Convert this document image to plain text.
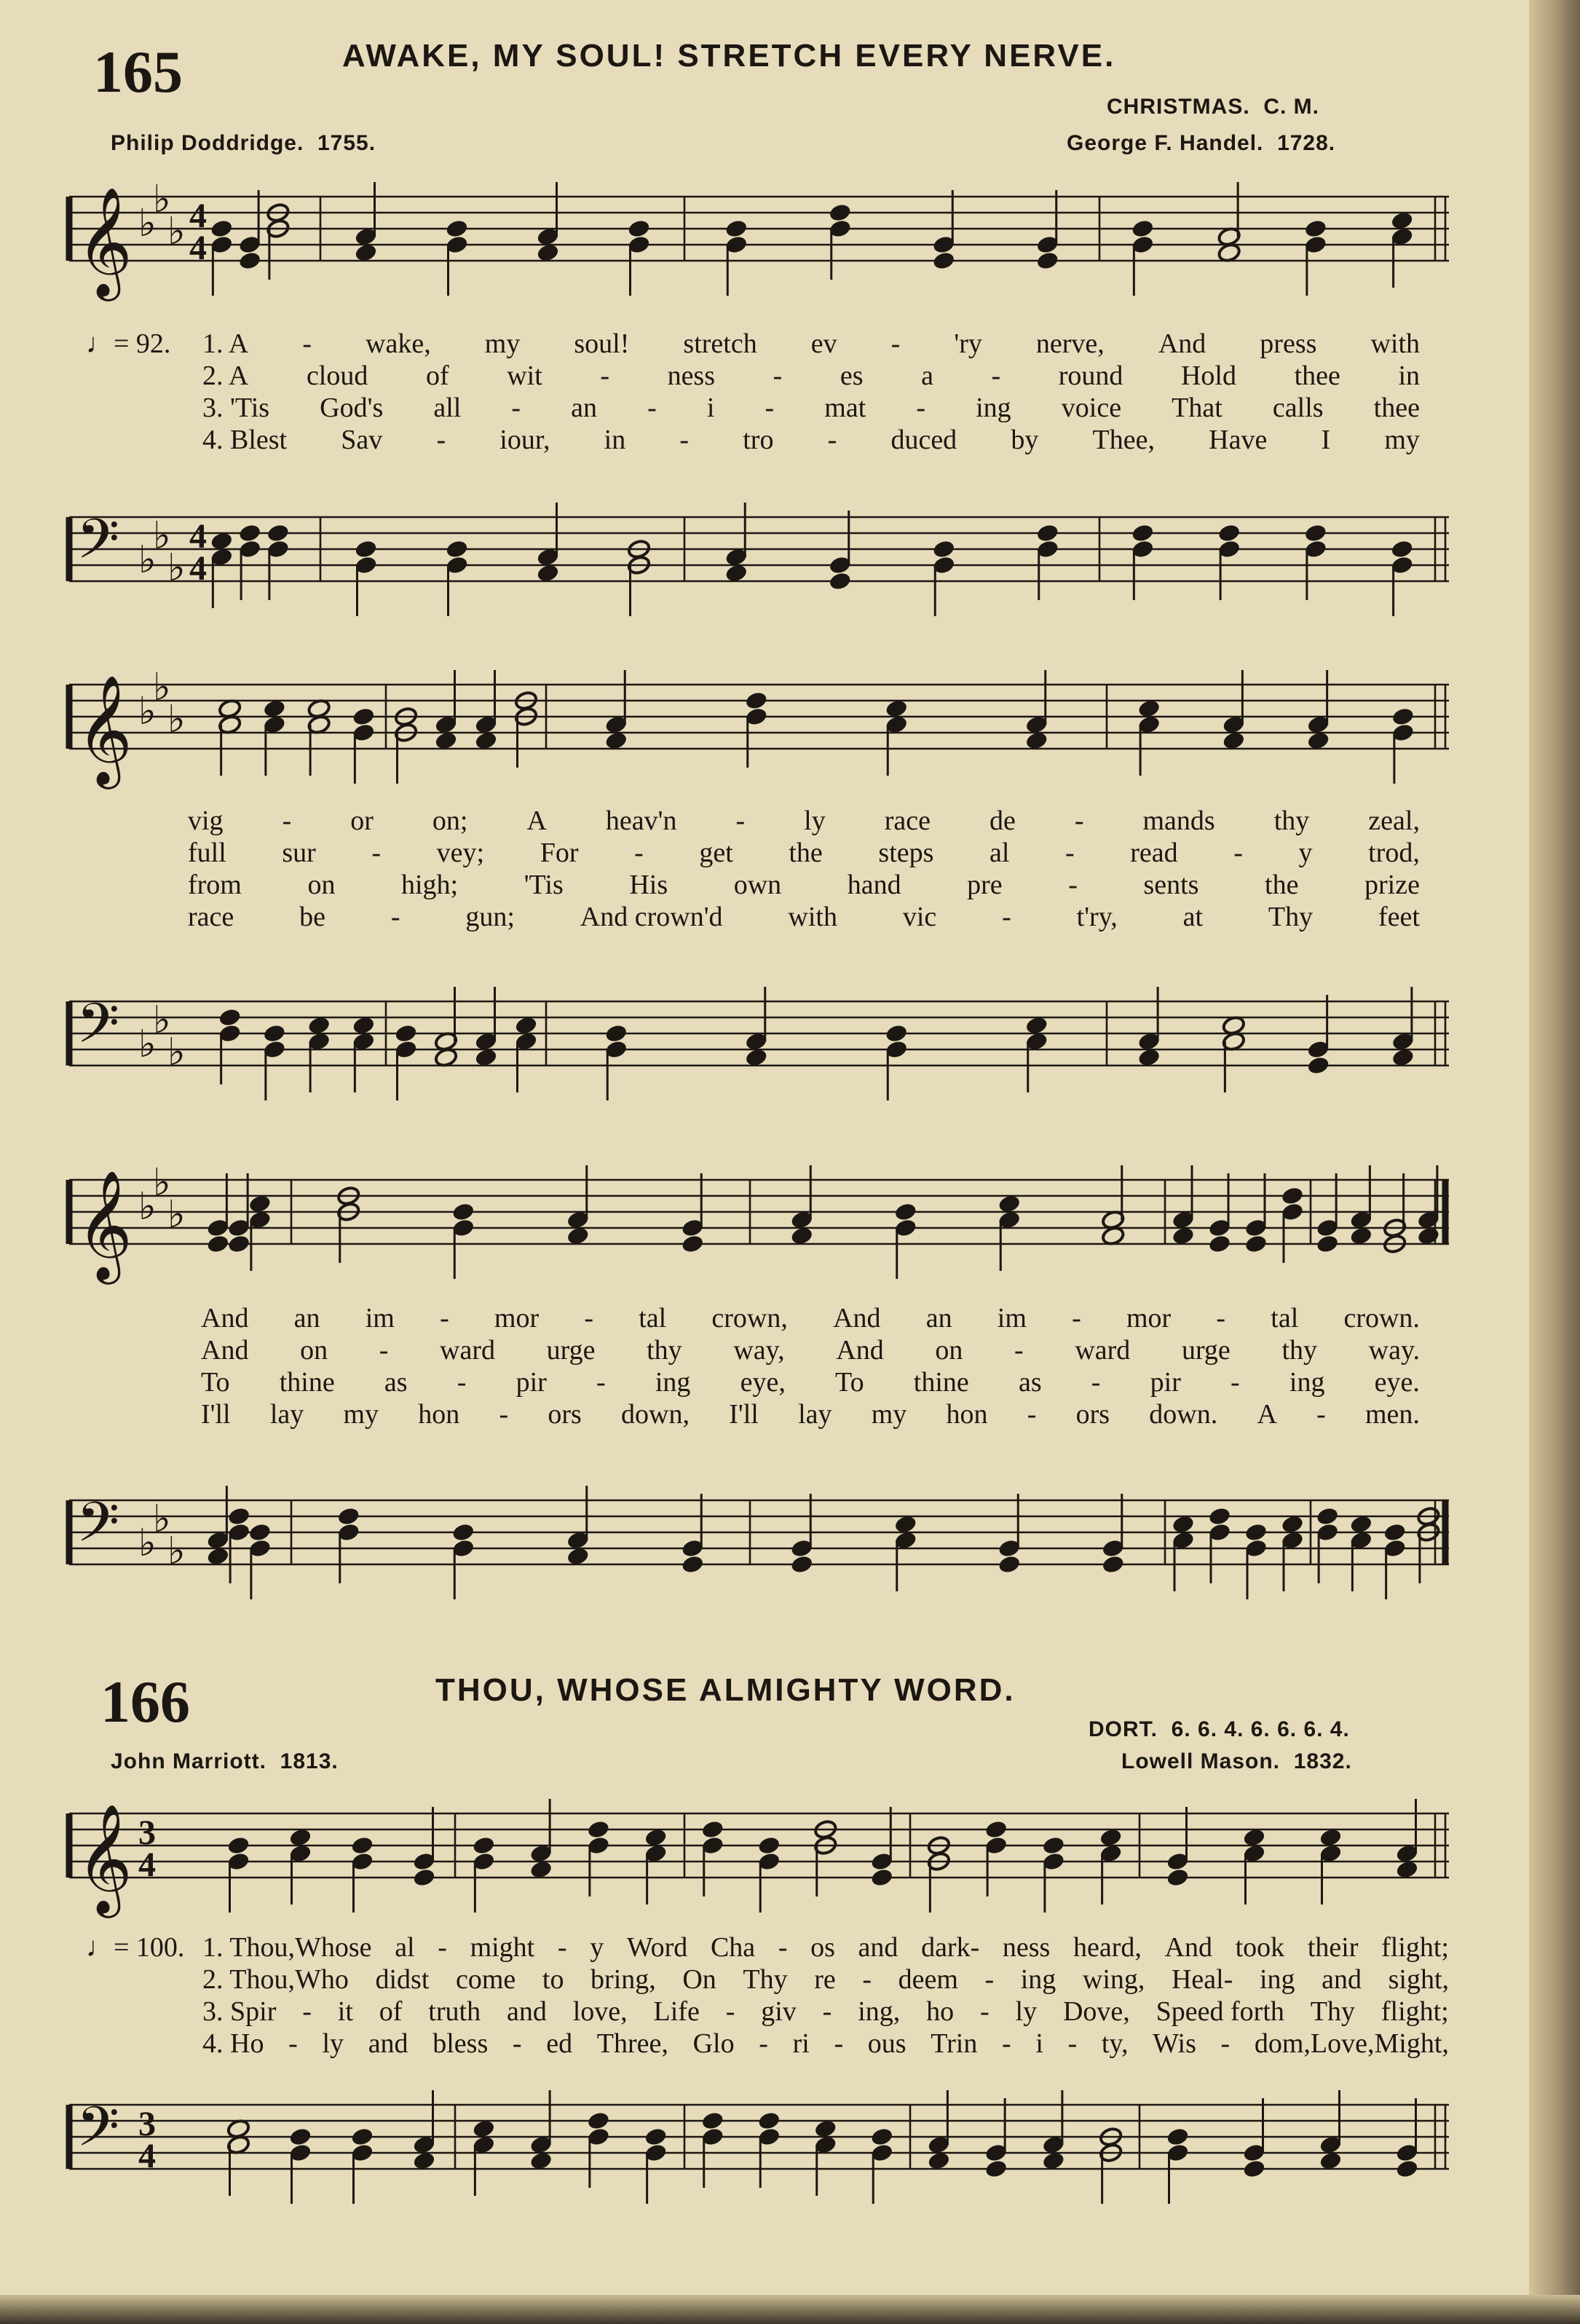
165	AWAKE, MY SOUL! STRETCH EVERY NERVE.
CHRISTMAS. C. M.
Philip Doddridge. 1755.	George F. Handel. 1728.
𝄞 ♭
♭
♭ 4
4
♩= 92. 1. A - wake, my soul! stretch ev - 'ry nerve, And press with
2. A cloud of wit - ness - es a - round Hold thee in
3. 'Tis God's all - an - i - mat - ing voice That calls thee
4. Blest Sav - iour, in - tro - duced by Thee, Have I my
𝄢 ♭
♭
♭
4
4
𝄞 ♭
♭
♭
vig - or on; A heav'n - ly race de - mands thy zeal,
full sur - vey; For - get the steps al - read - y trod,
from on high; 'Tis His own hand pre - sents the prize
race be - gun; And crown'd with vic - t'ry, at Thy feet
𝄢 ♭
♭
♭
𝄞 ♭
♭
♭
And an im - mor - tal crown, And an im - mor - tal crown.
And on - ward urge thy way, And on - ward urge thy way.
To thine as - pir - ing eye, To thine as - pir - ing eye.
I'll lay my hon - ors down, I'll lay my hon - ors down. A - men.
𝄢 ♭
♭
♭
166	THOU, WHOSE ALMIGHTY WORD.
DORT. 6. 6. 4. 6. 6. 6. 4.
John Marriott. 1813.	Lowell Mason. 1832.
𝄞 3
4
♩= 100. 1. Thou,Whose al - might - y Word Cha - os and dark- ness heard, And took their flight;
2. Thou,Who didst come to bring, On Thy re - deem - ing wing, Heal- ing and sight,
3. Spir - it of truth and love, Life - giv - ing, ho - ly Dove, Speed forth Thy flight;
4. Ho - ly and bless - ed Three, Glo - ri - ous Trin - i - ty, Wis - dom,Love,Might,
𝄢 3
4
